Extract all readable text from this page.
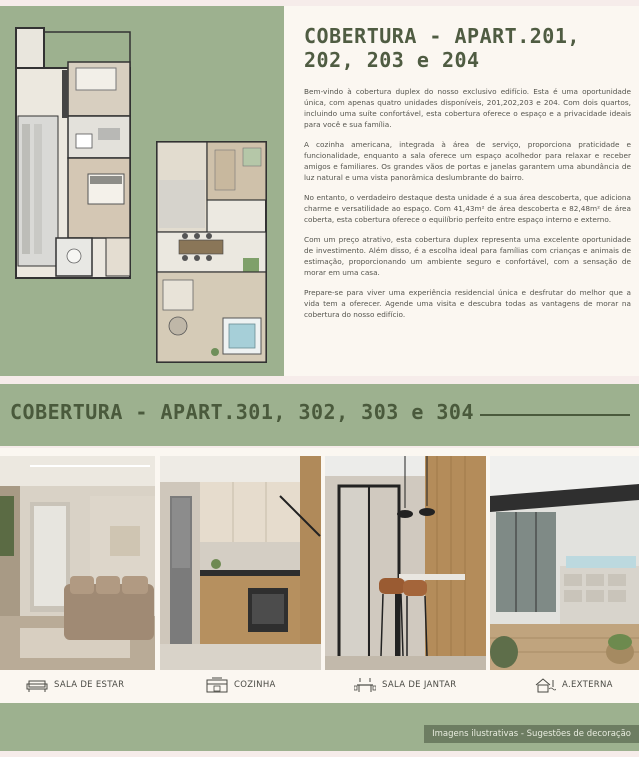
COBERTURA - APART.201, 202, 203 e 204

Bem-vindo à cobertura duplex do nosso exclusivo edifício. Esta é uma oportunidade única, com apenas quatro unidades disponíveis, 201,202,203 e 204. Com dois quartos, incluindo uma suíte confortável, esta cobertura oferece o espaço e a privacidade ideais para você e sua família.

A cozinha americana, integrada à área de serviço, proporciona praticidade e funcionalidade, enquanto a sala oferece um espaço acolhedor para relaxar e receber amigos e familiares. Os grandes vãos de portas e janelas garantem uma abundância de luz natural e uma vista panorâmica deslumbrante do bairro.

No entanto, o verdadeiro destaque desta unidade é a sua área descoberta, que adiciona charme e versatilidade ao espaço. Com 41,43m² de área descoberta e 82,48m² de área coberta, esta cobertura oferece o equilíbrio perfeito entre espaço interno e externo.

Com um preço atrativo, esta cobertura duplex representa uma excelente oportunidade de investimento. Além disso, é a escolha ideal para famílias com crianças e animais de estimação, proporcionando um ambiente seguro e confortável, com a sensação de morar em uma casa.

Prepare-se para viver uma experiência residencial única e desfrutar do melhor que a vida tem a oferecer. Agende uma visita e descubra todas as vantagens de morar na cobertura do nosso edifício.

COBERTURA - APART.301, 302, 303 e 304
SALA DE ESTAR	COZINHA	SALA DE JANTAR	A.EXTERNA
Imagens ilustrativas - Sugestões de decoração
